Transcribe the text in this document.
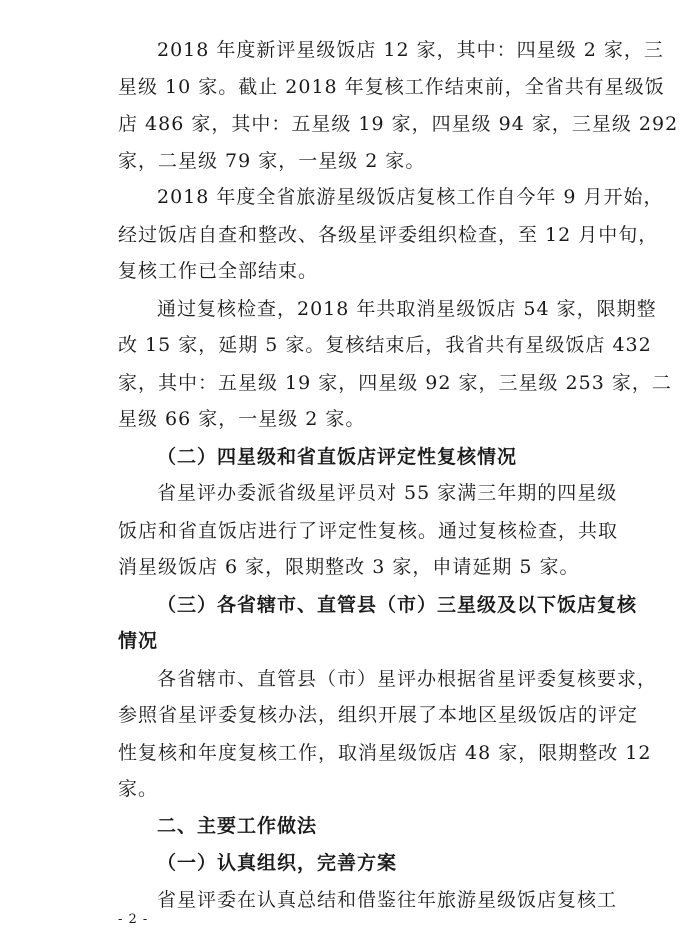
2018 年度新评星级饭店 12 家，其中：四星级 2 家，三
星级 10 家。截止 2018 年复核工作结束前，全省共有星级饭
店 486 家，其中：五星级 19 家，四星级 94 家，三星级 292
家，二星级 79 家，一星级 2 家。
2018 年度全省旅游星级饭店复核工作自今年 9 月开始，
经过饭店自查和整改、各级星评委组织检查，至 12 月中旬，
复核工作已全部结束。
通过复核检查，2018 年共取消星级饭店 54 家，限期整
改 15 家，延期 5 家。复核结束后，我省共有星级饭店 432
家，其中：五星级 19 家，四星级 92 家，三星级 253 家，二
星级 66 家，一星级 2 家。
（二）四星级和省直饭店评定性复核情况
省星评办委派省级星评员对 55 家满三年期的四星级
饭店和省直饭店进行了评定性复核。通过复核检查，共取
消星级饭店 6 家，限期整改 3 家，申请延期 5 家。
（三）各省辖市、直管县（市）三星级及以下饭店复核
情况
各省辖市、直管县（市）星评办根据省星评委复核要求，
参照省星评委复核办法，组织开展了本地区星级饭店的评定
性复核和年度复核工作，取消星级饭店 48 家，限期整改 12
家。
二、主要工作做法
（一）认真组织，完善方案
省星评委在认真总结和借鉴往年旅游星级饭店复核工
- 2 -
